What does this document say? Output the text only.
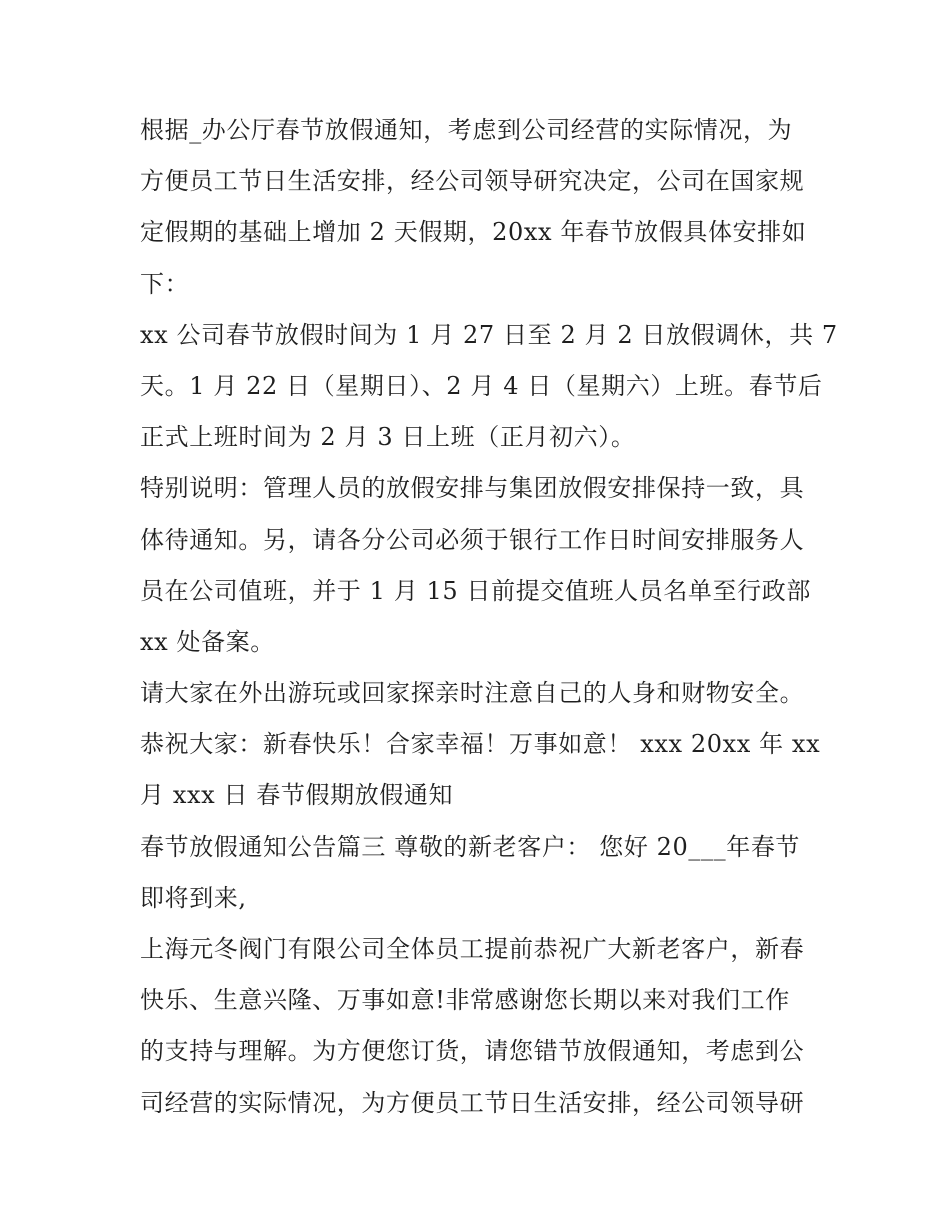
根据_办公厅春节放假通知，考虑到公司经营的实际情况，为
方便员工节日生活安排，经公司领导研究决定，公司在国家规
定假期的基础上增加 2 天假期，20xx 年春节放假具体安排如
下：
xx 公司春节放假时间为 1 月 27 日至 2 月 2 日放假调休，共 7
天。1 月 22 日（星期日）、2 月 4 日（星期六）上班。春节后
正式上班时间为 2 月 3 日上班（正月初六）。
特别说明：管理人员的放假安排与集团放假安排保持一致，具
体待通知。另，请各分公司必须于银行工作日时间安排服务人
员在公司值班，并于 1 月 15 日前提交值班人员名单至行政部
xx 处备案。
请大家在外出游玩或回家探亲时注意自己的人身和财物安全。
恭祝大家：新春快乐！合家幸福！万事如意！ xxx 20xx 年 xx
月 xxx 日 春节假期放假通知
春节放假通知公告篇三 尊敬的新老客户： 您好 20___年春节
即将到来,
上海元冬阀门有限公司全体员工提前恭祝广大新老客户，新春
快乐、生意兴隆、万事如意!非常感谢您长期以来对我们工作
的支持与理解。为方便您订货，请您错节放假通知，考虑到公
司经营的实际情况，为方便员工节日生活安排，经公司领导研
